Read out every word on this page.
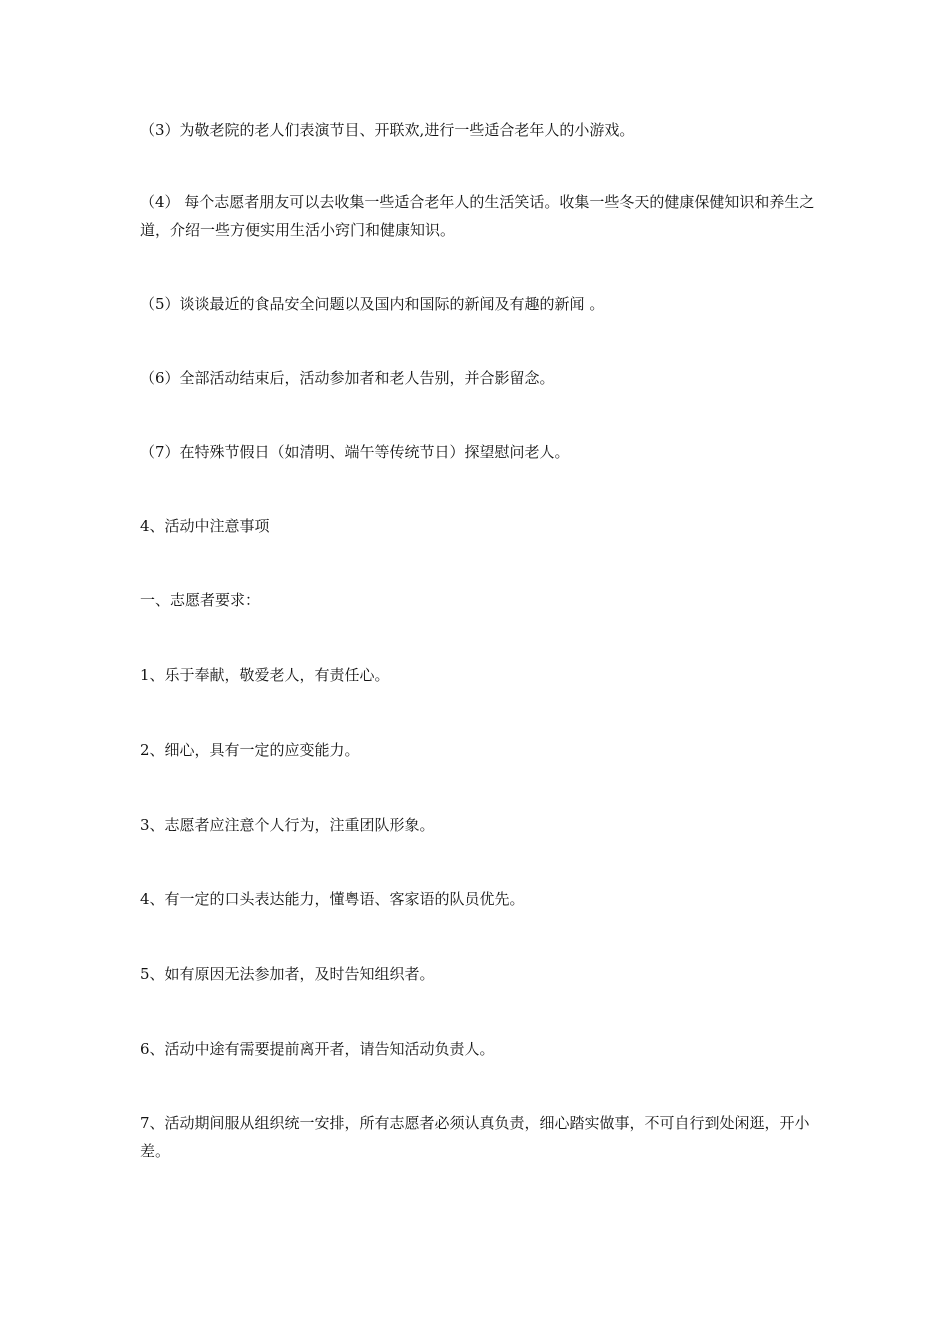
（3）为敬老院的老人们表演节目、开联欢,进行一些适合老年人的小游戏。

（4） 每个志愿者朋友可以去收集一些适合老年人的生活笑话。收集一些冬天的健康保健知识和养生之道，介绍一些方便实用生活小窍门和健康知识。

（5）谈谈最近的食品安全问题以及国内和国际的新闻及有趣的新闻 。

（6）全部活动结束后，活动参加者和老人告别，并合影留念。

（7）在特殊节假日（如清明、端午等传统节日）探望慰问老人。

4、活动中注意事项

一、志愿者要求：

1、乐于奉献，敬爱老人，有责任心。

2、细心，具有一定的应变能力。

3、志愿者应注意个人行为，注重团队形象。

4、有一定的口头表达能力，懂粤语、客家语的队员优先。

5、如有原因无法参加者，及时告知组织者。

6、活动中途有需要提前离开者，请告知活动负责人。

7、活动期间服从组织统一安排，所有志愿者必须认真负责，细心踏实做事，不可自行到处闲逛，开小差。
